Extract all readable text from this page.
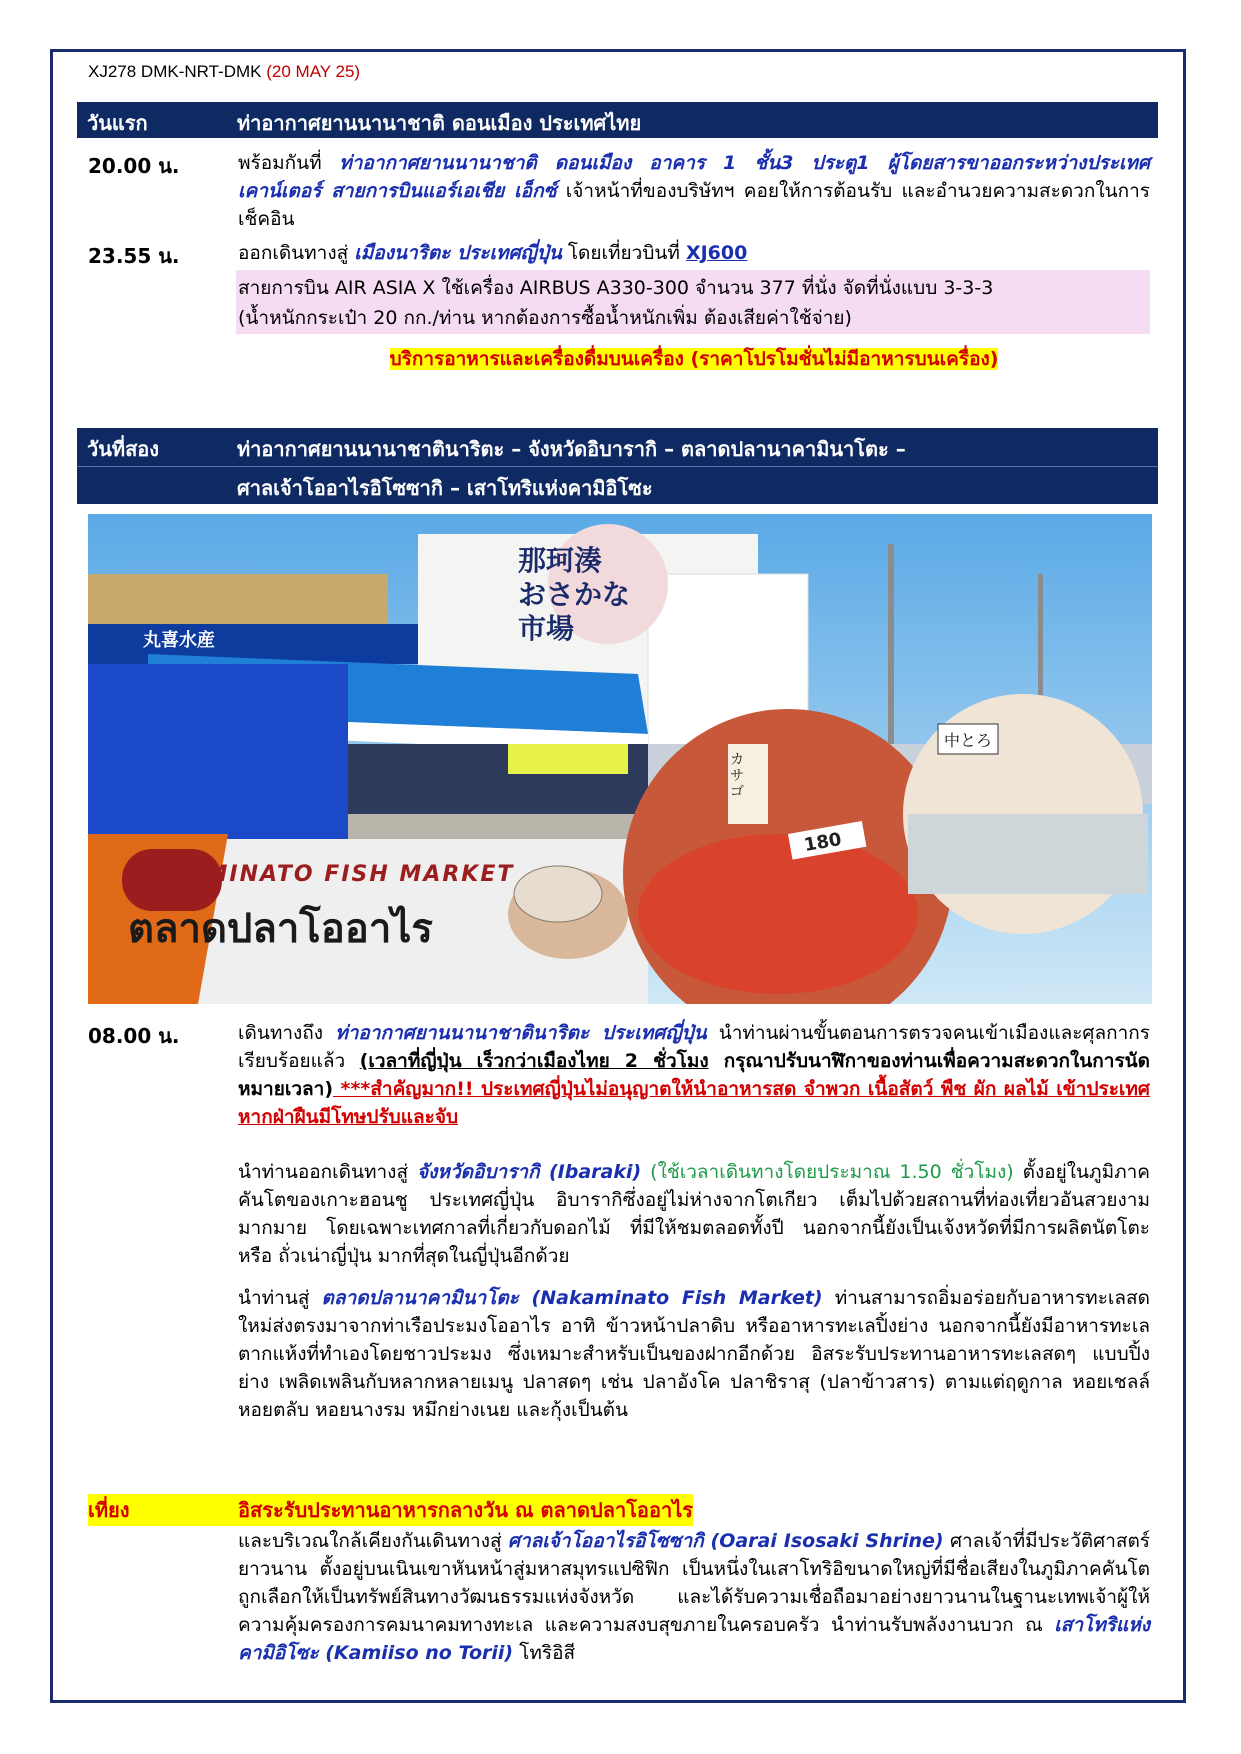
XJ278 DMK-NRT-DMK (20 MAY 25)
วันแรก	ท่าอากาศยานนานาชาติ ดอนเมือง ประเทศไทย
20.00 น.	พร้อมกันที่ ท่าอากาศยานนานาชาติ ดอนเมือง อาคาร 1 ชั้น3 ประตู1 ผู้โดยสารขาออกระหว่างประเทศ เคาน์เตอร์ สายการบินแอร์เอเชีย เอ็กซ์ เจ้าหน้าที่ของบริษัทฯ คอยให้การต้อนรับ และอำนวยความสะดวกในการเช็คอิน
23.55 น.	ออกเดินทางสู่ เมืองนาริตะ ประเทศญี่ปุ่น โดยเที่ยวบินที่ XJ600
สายการบิน AIR ASIA X ใช้เครื่อง AIRBUS A330-300 จำนวน 377 ที่นั่ง จัดที่นั่งแบบ 3-3-3
(น้ำหนักกระเป๋า 20 กก./ท่าน หากต้องการซื้อน้ำหนักเพิ่ม ต้องเสียค่าใช้จ่าย)
บริการอาหารและเครื่องดื่มบนเครื่อง (ราคาโปรโมชั่นไม่มีอาหารบนเครื่อง)
วันที่สอง	ท่าอากาศยานนานาชาตินาริตะ – จังหวัดอิบารากิ – ตลาดปลานาคามินาโตะ –
ศาลเจ้าโออาไรอิโซซากิ – เสาโทริแห่งคามิอิโซะ
那珂湊 おさかな 市場
丸喜水産
カサゴ
180
中とろ
NAKAMINATO FISH MARKET
ตลาดปลาโออาไร
08.00 น.	เดินทางถึง ท่าอากาศยานนานาชาตินาริตะ ประเทศญี่ปุ่น นำท่านผ่านขั้นตอนการตรวจคนเข้าเมืองและศุลกากร เรียบร้อยแล้ว (เวลาที่ญี่ปุ่น เร็วกว่าเมืองไทย 2 ชั่วโมง กรุณาปรับนาฬิกาของท่านเพื่อความสะดวกในการนัดหมายเวลา) ***สำคัญมาก!! ประเทศญี่ปุ่นไม่อนุญาตให้นำอาหารสด จำพวก เนื้อสัตว์ พืช ผัก ผลไม้ เข้าประเทศ หากฝ่าฝืนมีโทษปรับและจับ
นำท่านออกเดินทางสู่ จังหวัดอิบารากิ (Ibaraki) (ใช้เวลาเดินทางโดยประมาณ 1.50 ชั่วโมง) ตั้งอยู่ในภูมิภาคคันโตของเกาะฮอนชู ประเทศญี่ปุ่น อิบารากิซึ่งอยู่ไม่ห่างจากโตเกียว เต็มไปด้วยสถานที่ท่องเที่ยวอันสวยงามมากมาย โดยเฉพาะเทศกาลที่เกี่ยวกับดอกไม้ ที่มีให้ชมตลอดทั้งปี นอกจากนี้ยังเป็นเจ้งหวัดที่มีการผลิตนัตโตะ หรือ ถั่วเน่าญี่ปุ่น มากที่สุดในญี่ปุ่นอีกด้วย
นำท่านสู่ ตลาดปลานาคามินาโตะ (Nakaminato Fish Market) ท่านสามารถอิ่มอร่อยกับอาหารทะเลสดใหม่ส่งตรงมาจากท่าเรือประมงโออาไร อาทิ ข้าวหน้าปลาดิบ หรืออาหารทะเลปิ้งย่าง นอกจากนี้ยังมีอาหารทะเลตากแห้งที่ทำเองโดยชาวประมง ซึ่งเหมาะสำหรับเป็นของฝากอีกด้วย อิสระรับประทานอาหารทะเลสดๆ แบบปิ้งย่าง เพลิดเพลินกับหลากหลายเมนู ปลาสดๆ เช่น ปลาอังโค ปลาชิราสุ (ปลาข้าวสาร) ตามแต่ฤดูกาล หอยเชลล์ หอยตลับ หอยนางรม หมึกย่างเนย และกุ้งเป็นต้น
เที่ยง	อิสระรับประทานอาหารกลางวัน ณ ตลาดปลาโออาไร
และบริเวณใกล้เคียงกันเดินทางสู่ ศาลเจ้าโออาไรอิโซซากิ (Oarai Isosaki Shrine) ศาลเจ้าที่มีประวัติศาสตร์ยาวนาน ตั้งอยู่บนเนินเขาหันหน้าสู่มหาสมุทรแปซิฟิก เป็นหนึ่งในเสาโทริอิขนาดใหญ่ที่มีชื่อเสียงในภูมิภาคคันโต ถูกเลือกให้เป็นทรัพย์สินทางวัฒนธรรมแห่งจังหวัด และได้รับความเชื่อถือมาอย่างยาวนานในฐานะเทพเจ้าผู้ให้ความคุ้มครองการคมนาคมทางทะเล และความสงบสุขภายในครอบครัว นำท่านรับพลังงานบวก ณ เสาโทริแห่งคามิอิโซะ (Kamiiso no Torii) โทริอิสี
